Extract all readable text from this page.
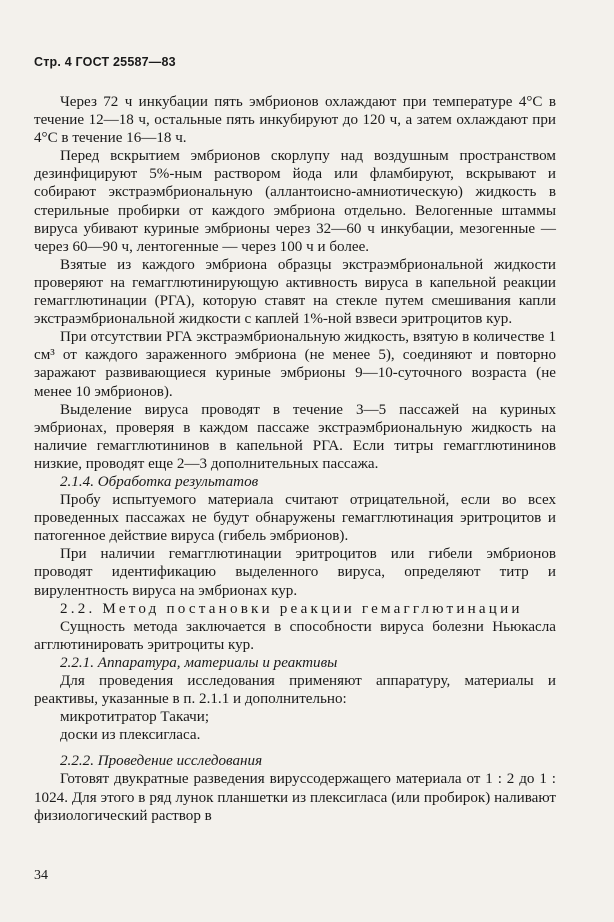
Стр. 4 ГОСТ 25587—83

Через 72 ч инкубации пять эмбрионов охлаждают при температуре 4°С в течение 12—18 ч, остальные пять инкубируют до 120 ч, а затем охлаждают при 4°С в течение 16—18 ч.

Перед вскрытием эмбрионов скорлупу над воздушным пространством дезинфицируют 5%-ным раствором йода или фламбируют, вскрывают и собирают экстраэмбриональную (аллантоисно-амниотическую) жидкость в стерильные пробирки от каждого эмбриона отдельно. Велогенные штаммы вируса убивают куриные эмбрионы через 32—60 ч инкубации, мезогенные — через 60—90 ч, лентогенные — через 100 ч и более.

Взятые из каждого эмбриона образцы экстраэмбриональной жидкости проверяют на гемагглютинирующую активность вируса в капельной реакции гемагглютинации (РГА), которую ставят на стекле путем смешивания капли экстраэмбриональной жидкости с каплей 1%-ной взвеси эритроцитов кур.

При отсутствии РГА экстраэмбриональную жидкость, взятую в количестве 1 см³ от каждого зараженного эмбриона (не менее 5), соединяют и повторно заражают развивающиеся куриные эмбрионы 9—10-суточного возраста (не менее 10 эмбрионов).

Выделение вируса проводят в течение 3—5 пассажей на куриных эмбрионах, проверяя в каждом пассаже экстраэмбриональную жидкость на наличие гемагглютининов в капельной РГА. Если титры гемагглютининов низкие, проводят еще 2—3 дополнительных пассажа.

2.1.4. Обработка результатов

Пробу испытуемого материала считают отрицательной, если во всех проведенных пассажах не будут обнаружены гемагглютинация эритроцитов и патогенное действие вируса (гибель эмбрионов).

При наличии гемагглютинации эритроцитов или гибели эмбрионов проводят идентификацию выделенного вируса, определяют титр и вирулентность вируса на эмбрионах кур.

2.2. Метод постановки реакции гемагглютинации

Сущность метода заключается в способности вируса болезни Ньюкасла агглютинировать эритроциты кур.

2.2.1. Аппаратура, материалы и реактивы

Для проведения исследования применяют аппаратуру, материалы и реактивы, указанные в п. 2.1.1 и дополнительно:

микротитратор Такачи;

доски из плексигласа.

2.2.2. Проведение исследования

Готовят двукратные разведения вируссодержащего материала от 1 : 2 до 1 : 1024. Для этого в ряд лунок планшетки из плексигласа (или пробирок) наливают физиологический раствор в

34
